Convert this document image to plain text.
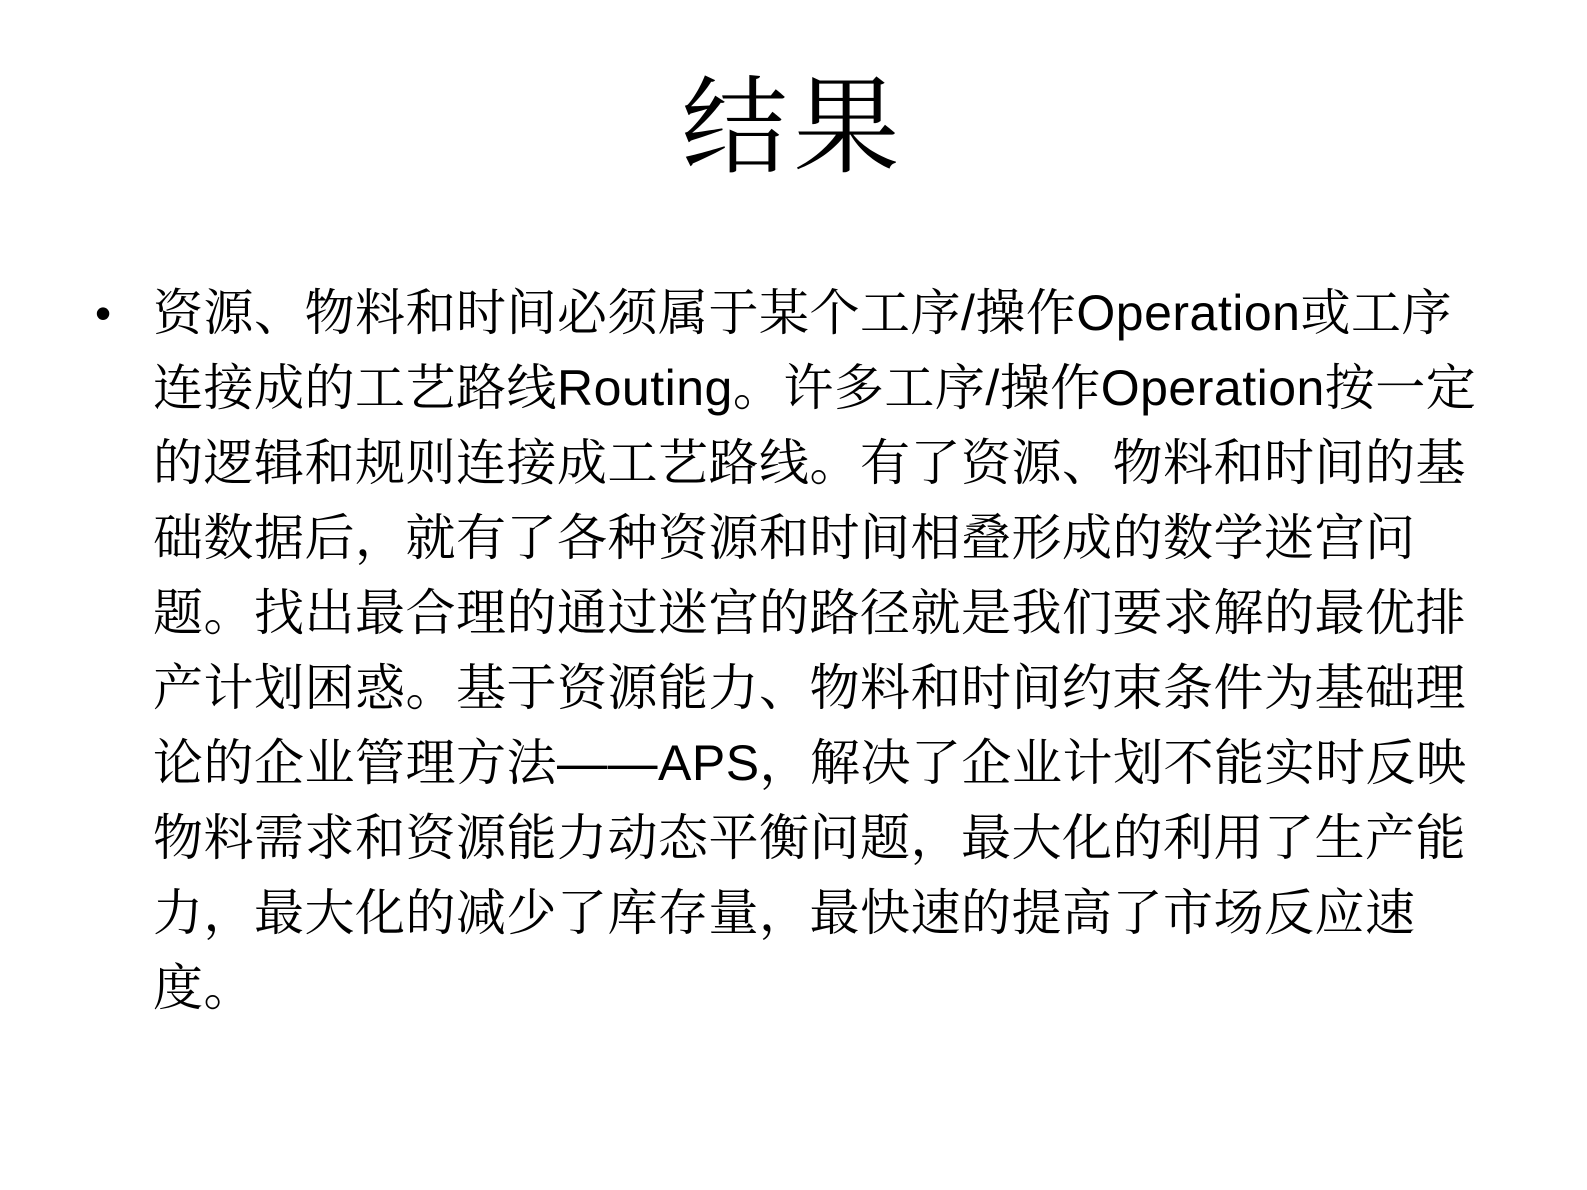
结果
• 资源、物料和时间必须属于某个工序/操作Operation或工序连接成的工艺路线Routing。许多工序/操作Operation按一定的逻辑和规则连接成工艺路线。有了资源、物料和时间的基础数据后，就有了各种资源和时间相叠形成的数学迷宫问题。找出最合理的通过迷宫的路径就是我们要求解的最优排产计划困惑。基于资源能力、物料和时间约束条件为基础理论的企业管理方法——APS，解决了企业计划不能实时反映物料需求和资源能力动态平衡问题，最大化的利用了生产能力，最大化的减少了库存量，最快速的提高了市场反应速度。
